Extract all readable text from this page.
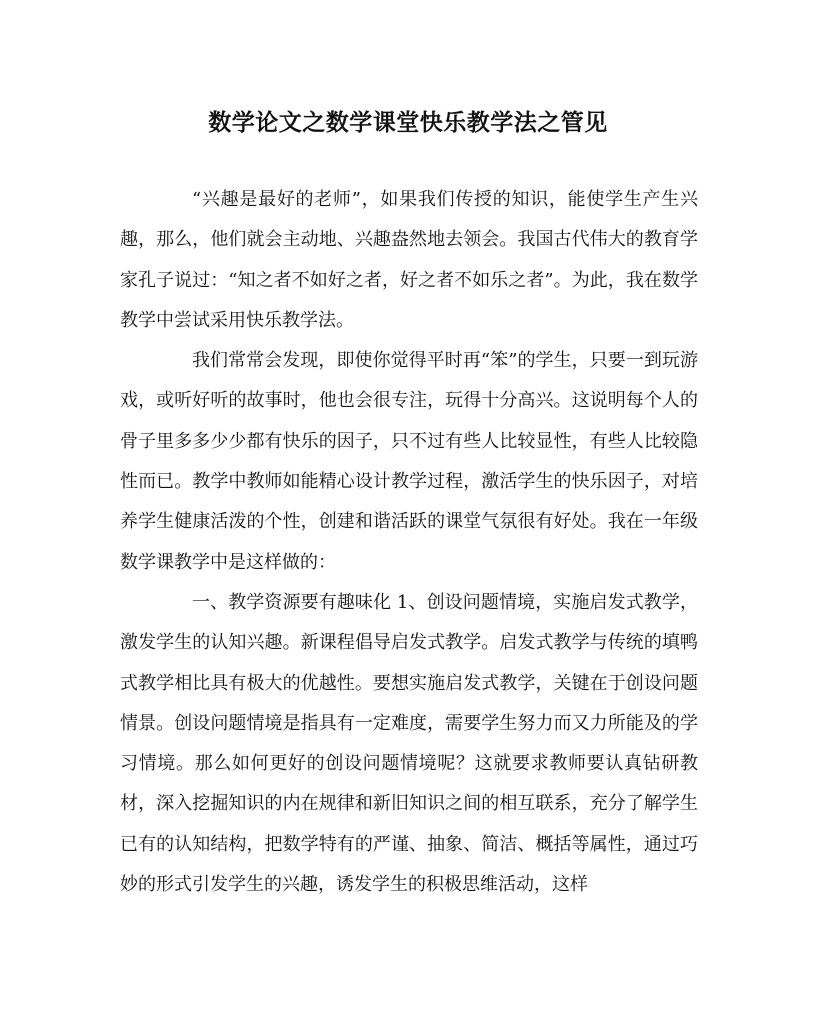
数学论文之数学课堂快乐教学法之管见

“兴趣是最好的老师”，如果我们传授的知识，能使学生产生兴趣，那么，他们就会主动地、兴趣盎然地去领会。我国古代伟大的教育学家孔子说过：“知之者不如好之者，好之者不如乐之者”。为此，我在数学教学中尝试采用快乐教学法。

我们常常会发现，即使你觉得平时再“笨”的学生，只要一到玩游戏，或听好听的故事时，他也会很专注，玩得十分高兴。这说明每个人的骨子里多多少少都有快乐的因子，只不过有些人比较显性，有些人比较隐性而已。教学中教师如能精心设计教学过程，激活学生的快乐因子，对培养学生健康活泼的个性，创建和谐活跃的课堂气氛很有好处。我在一年级数学课教学中是这样做的：

一、教学资源要有趣味化 1、创设问题情境，实施启发式教学，激发学生的认知兴趣。新课程倡导启发式教学。启发式教学与传统的填鸭式教学相比具有极大的优越性。要想实施启发式教学，关键在于创设问题情景。创设问题情境是指具有一定难度，需要学生努力而又力所能及的学习情境。那么如何更好的创设问题情境呢？这就要求教师要认真钻研教材，深入挖掘知识的内在规律和新旧知识之间的相互联系，充分了解学生已有的认知结构，把数学特有的严谨、抽象、简洁、概括等属性，通过巧妙的形式引发学生的兴趣，诱发学生的积极思维活动，这样
